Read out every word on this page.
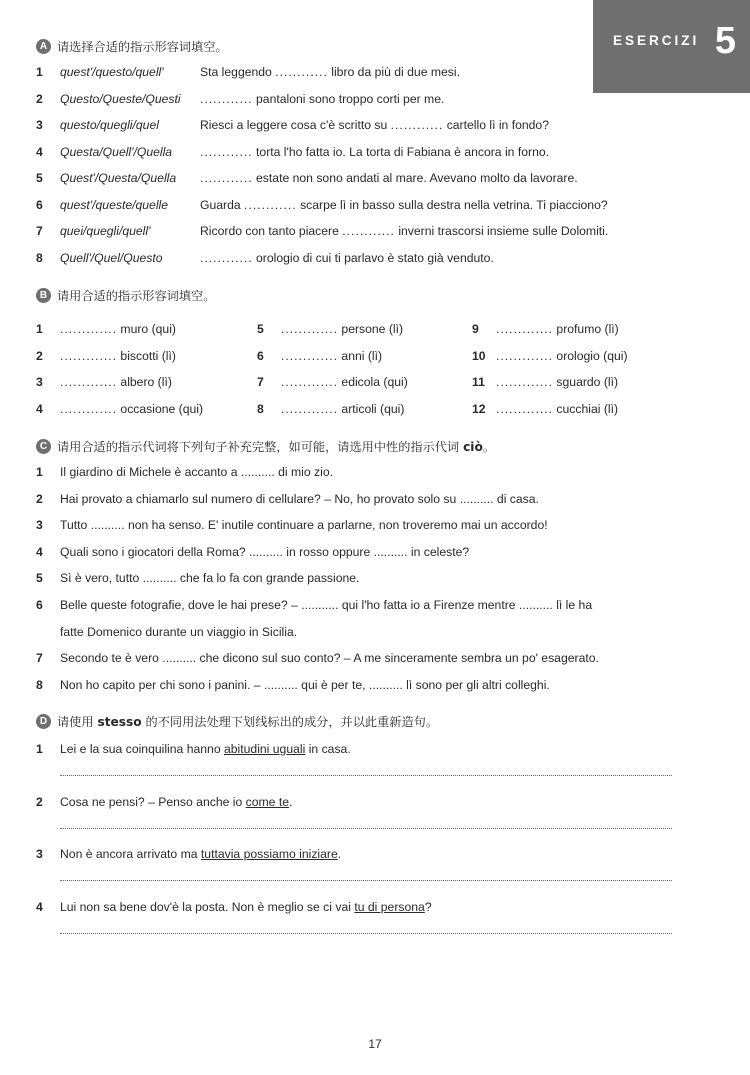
ESERCIZI 5
A 请选择合适的指示形容词填空。
1 quest'/questo/quell'	Sta leggendo ............ libro da più di due mesi.
2 Questo/Queste/Questi ............ pantaloni sono troppo corti per me.
3 questo/quegli/quel	Riesci a leggere cosa c'è scritto su ............ cartello lì in fondo?
4 Questa/Quell'/Quella ............ torta l'ho fatta io. La torta di Fabiana è ancora in forno.
5 Quest'/Questa/Quella ............ estate non sono andati al mare. Avevano molto da lavorare.
6 quest'/queste/quelle	Guarda ............ scarpe lì in basso sulla destra nella vetrina. Ti piacciono?
7 quei/quegli/quell'	Ricordo con tanto piacere ............ inverni trascorsi insieme sulle Dolomiti.
8 Quell'/Quel/Questo	............ orologio di cui ti parlavo è stato già venduto.
B 请用合适的指示形容词填空。
1 ............. muro (qui)
2 ............. biscotti (lì)
3 ............. albero (lì)
4 ............. occasione (qui)
5 ............. persone (lì)
6 ............. anni (lì)
7 ............. edicola (qui)
8 ............. articoli (qui)
9 ............. profumo (lì)
10 ............. orologio (qui)
11 ............. sguardo (lì)
12 ............. cucchiai (lì)
C 请用合适的指示代词将下列句子补充完整，如可能，请选用中性的指示代词 ciò。
1 Il giardino di Michele è accanto a .......... di mio zio.
2 Hai provato a chiamarlo sul numero di cellulare? – No, ho provato solo su .......... di casa.
3 Tutto .......... non ha senso. E' inutile continuare a parlarne, non troveremo mai un accordo!
4 Quali sono i giocatori della Roma? .......... in rosso oppure .......... in celeste?
5 Sì è vero, tutto .......... che fa lo fa con grande passione.
6 Belle queste fotografie, dove le hai prese? – ........... qui l'ho fatta io a Firenze mentre .......... lì le ha
fatte Domenico durante un viaggio in Sicilia.
7 Secondo te è vero .......... che dicono sul suo conto? – A me sinceramente sembra un po' esagerato.
8 Non ho capito per chi sono i panini. – .......... qui è per te, .......... lì sono per gli altri colleghi.
D 请使用 stesso 的不同用法处理下划线标出的成分，并以此重新造句。
1 Lei e la sua coinquilina hanno abitudini uguali in casa.
2 Cosa ne pensi? – Penso anche io come te.
3 Non è ancora arrivato ma tuttavia possiamo iniziare.
4 Lui non sa bene dov'è la posta. Non è meglio se ci vai tu di persona?
17
